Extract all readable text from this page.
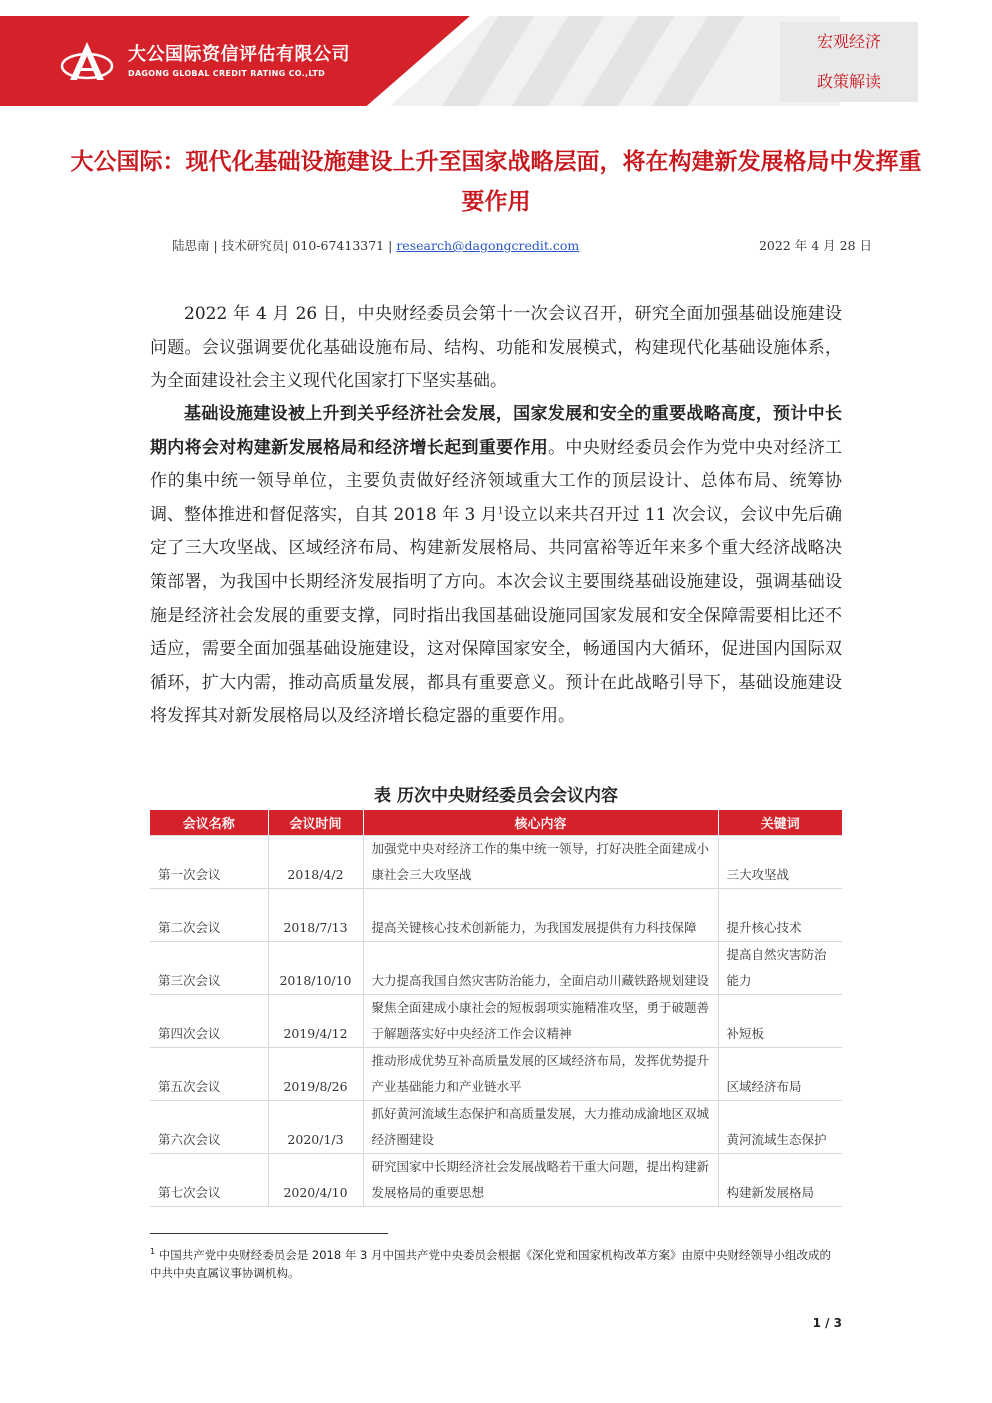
大公国际资信评估有限公司
DAGONG GLOBAL CREDIT RATING CO.,LTD
宏观经济
政策解读
大公国际：现代化基础设施建设上升至国家战略层面，将在构建新发展格局中发挥重要作用
陆思南 | 技术研究员| 010-67413371 | research@dagongcredit.com	2022 年 4 月 28 日

2022 年 4 月 26 日，中央财经委员会第十一次会议召开，研究全面加强基础设施建设问题。会议强调要优化基础设施布局、结构、功能和发展模式，构建现代化基础设施体系，为全面建设社会主义现代化国家打下坚实基础。

基础设施建设被上升到关乎经济社会发展，国家发展和安全的重要战略高度，预计中长期内将会对构建新发展格局和经济增长起到重要作用。中央财经委员会作为党中央对经济工作的集中统一领导单位，主要负责做好经济领域重大工作的顶层设计、总体布局、统筹协调、整体推进和督促落实，自其 2018 年 3 月$^1$设立以来共召开过 11 次会议，会议中先后确定了三大攻坚战、区域经济布局、构建新发展格局、共同富裕等近年来多个重大经济战略决策部署，为我国中长期经济发展指明了方向。本次会议主要围绕基础设施建设，强调基础设施是经济社会发展的重要支撑，同时指出我国基础设施同国家发展和安全保障需要相比还不适应，需要全面加强基础设施建设，这对保障国家安全，畅通国内大循环，促进国内国际双循环，扩大内需，推动高质量发展，都具有重要意义。预计在此战略引导下，基础设施建设将发挥其对新发展格局以及经济增长稳定器的重要作用。

表 历次中央财经委员会会议内容
会议名称	会议时间	核心内容	关键词
第一次会议	2018/4/2	加强党中央对经济工作的集中统一领导，打好决胜全面建成小康社会三大攻坚战	三大攻坚战
第二次会议	2018/7/13	提高关键核心技术创新能力，为我国发展提供有力科技保障	提升核心技术
第三次会议	2018/10/10	大力提高我国自然灾害防治能力，全面启动川藏铁路规划建设	提高自然灾害防治能力
第四次会议	2019/4/12	聚焦全面建成小康社会的短板弱项实施精准攻坚，勇于破题善于解题落实好中央经济工作会议精神	补短板
第五次会议	2019/8/26	推动形成优势互补高质量发展的区域经济布局，发挥优势提升产业基础能力和产业链水平	区域经济布局
第六次会议	2020/1/3	抓好黄河流域生态保护和高质量发展，大力推动成渝地区双城经济圈建设	黄河流域生态保护
第七次会议	2020/4/10	研究国家中长期经济社会发展战略若干重大问题，提出构建新发展格局的重要思想	构建新发展格局
$^1$ 中国共产党中央财经委员会是 2018 年 3 月中国共产党中央委员会根据《深化党和国家机构改革方案》由原中央财经领导小组改成的中共中央直属议事协调机构。
1 / 3
